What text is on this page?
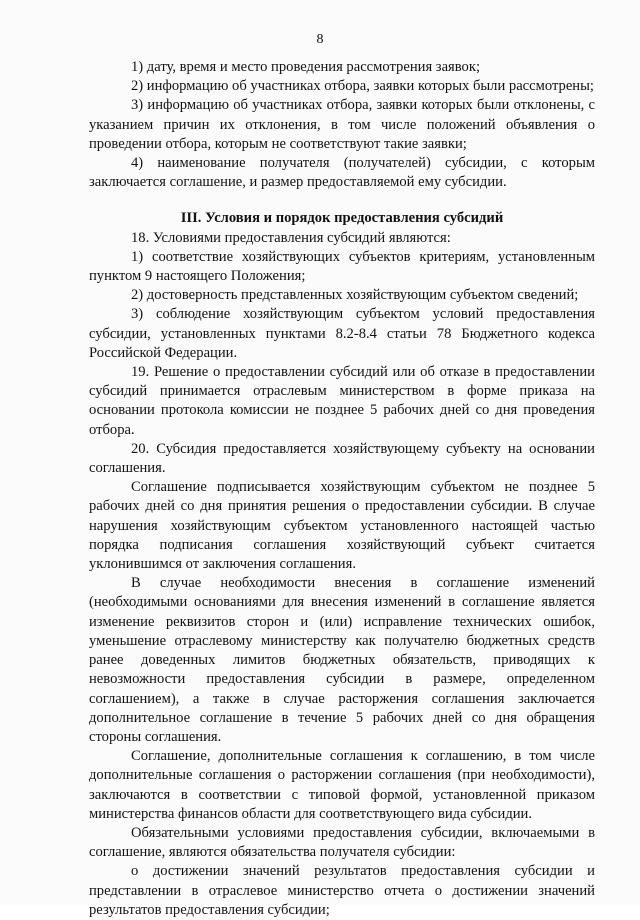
8

1) дату, время и место проведения рассмотрения заявок;

2) информацию об участниках отбора, заявки которых были рассмотрены;

3) информацию об участниках отбора, заявки которых были отклонены, с указанием причин их отклонения, в том числе положений объявления о проведении отбора, которым не соответствуют такие заявки;

4) наименование получателя (получателей) субсидии, с которым заключается соглашение, и размер предоставляемой ему субсидии.

III. Условия и порядок предоставления субсидий

18. Условиями предоставления субсидий являются:

1) соответствие хозяйствующих субъектов критериям, установленным пунктом 9 настоящего Положения;

2) достоверность представленных хозяйствующим субъектом сведений;

3) соблюдение хозяйствующим субъектом условий предоставления субсидии, установленных пунктами 8.2-8.4 статьи 78 Бюджетного кодекса Российской Федерации.

19. Решение о предоставлении субсидий или об отказе в предоставлении субсидий принимается отраслевым министерством в форме приказа на основании протокола комиссии не позднее 5 рабочих дней со дня проведения отбора.

20. Субсидия предоставляется хозяйствующему субъекту на основании соглашения.

Соглашение подписывается хозяйствующим субъектом не позднее 5 рабочих дней со дня принятия решения о предоставлении субсидии. В случае нарушения хозяйствующим субъектом установленного настоящей частью порядка подписания соглашения хозяйствующий субъект считается уклонившимся от заключения соглашения.

В случае необходимости внесения в соглашение изменений (необходимыми основаниями для внесения изменений в соглашение является изменение реквизитов сторон и (или) исправление технических ошибок, уменьшение отраслевому министерству как получателю бюджетных средств ранее доведенных лимитов бюджетных обязательств, приводящих к невозможности предоставления субсидии в размере, определенном соглашением), а также в случае расторжения соглашения заключается дополнительное соглашение в течение 5 рабочих дней со дня обращения стороны соглашения.

Соглашение, дополнительные соглашения к соглашению, в том числе дополнительные соглашения о расторжении соглашения (при необходимости), заключаются в соответствии с типовой формой, установленной приказом министерства финансов области для соответствующего вида субсидии.

Обязательными условиями предоставления субсидии, включаемыми в соглашение, являются обязательства получателя субсидии:

о достижении значений результатов предоставления субсидии и представлении в отраслевое министерство отчета о достижении значений результатов предоставления субсидии;
